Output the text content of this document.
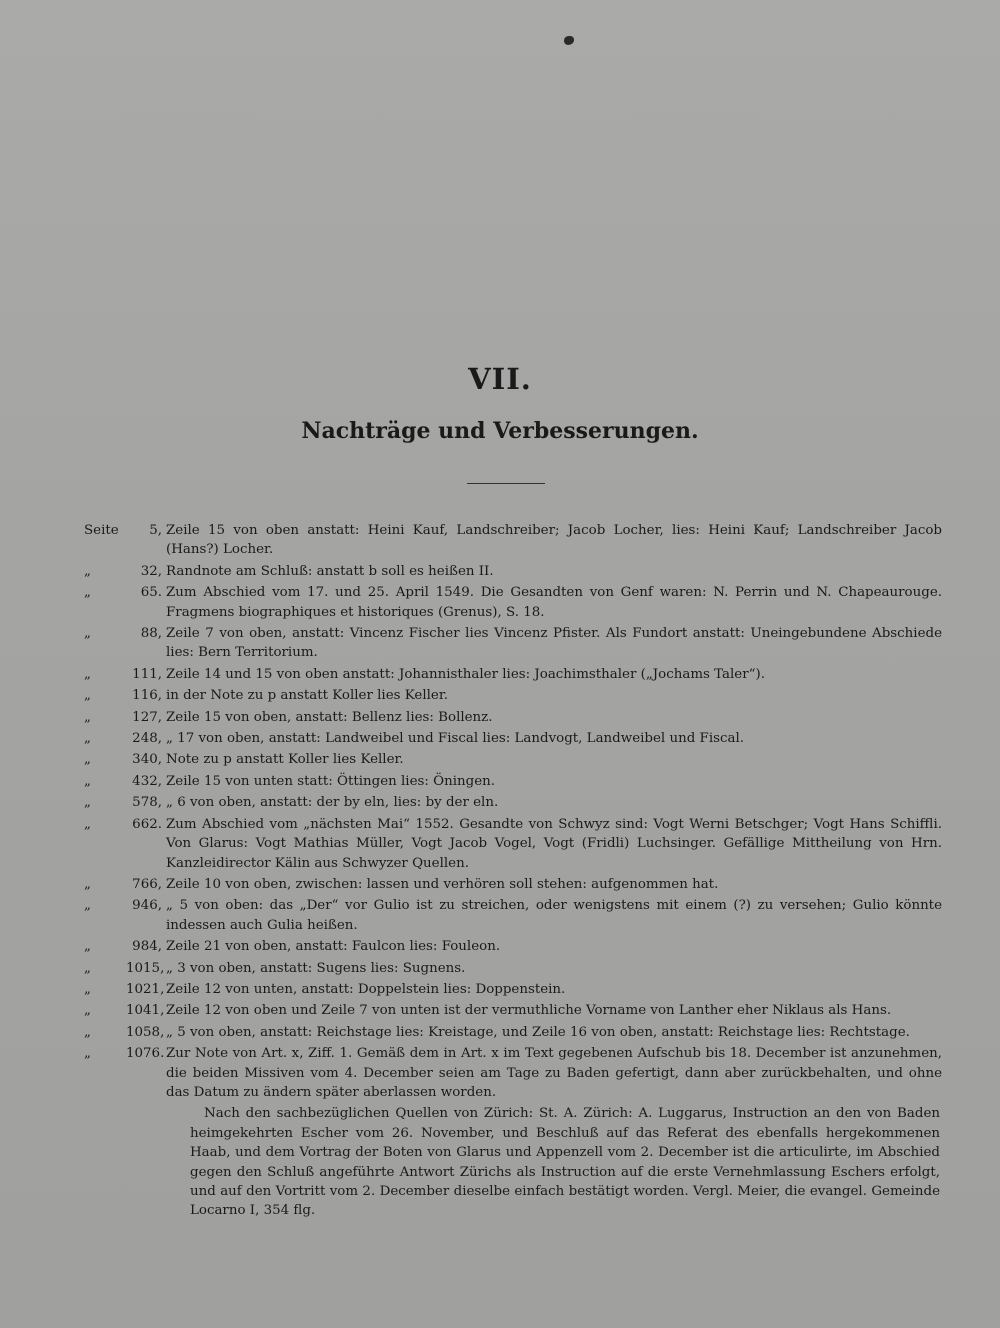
VII.
Nachträge und Verbesserungen.
Seite	5, Zeile 15 von oben anstatt: Heini Kauf, Landschreiber; Jacob Locher, lies: Heini Kauf; Landschreiber Jacob (Hans?) Locher.
„	32, Randnote am Schluß: anstatt b soll es heißen II.
„	65. Zum Abschied vom 17. und 25. April 1549. Die Gesandten von Genf waren: N. Perrin und N. Chapeaurouge. Fragmens biographiques et historiques (Grenus), S. 18.
„	88, Zeile 7 von oben, anstatt: Vincenz Fischer lies Vincenz Pfister. Als Fundort anstatt: Uneingebundene Abschiede lies: Bern Territorium.
„	111, Zeile 14 und 15 von oben anstatt: Johannisthaler lies: Joachimsthaler („Jochams Taler“).
„	116, in der Note zu p anstatt Koller lies Keller.
„	127, Zeile 15 von oben, anstatt: Bellenz lies: Bollenz.
„	248, „ 17 von oben, anstatt: Landweibel und Fiscal lies: Landvogt, Landweibel und Fiscal.
„	340, Note zu p anstatt Koller lies Keller.
„	432, Zeile 15 von unten statt: Öttingen lies: Öningen.
„	578, „ 6 von oben, anstatt: der by eln, lies: by der eln.
„	662. Zum Abschied vom „nächsten Mai“ 1552. Gesandte von Schwyz sind: Vogt Werni Betschger; Vogt Hans Schiffli. Von Glarus: Vogt Mathias Müller, Vogt Jacob Vogel, Vogt (Fridli) Luchsinger. Gefällige Mittheilung von Hrn. Kanzleidirector Kälin aus Schwyzer Quellen.
„	766, Zeile 10 von oben, zwischen: lassen und verhören soll stehen: aufgenommen hat.
„	946, „ 5 von oben: das „Der“ vor Gulio ist zu streichen, oder wenigstens mit einem (?) zu versehen; Gulio könnte indessen auch Gulia heißen.
„	984, Zeile 21 von oben, anstatt: Faulcon lies: Fouleon.
„	1015, „ 3 von oben, anstatt: Sugens lies: Sugnens.
„	1021, Zeile 12 von unten, anstatt: Doppelstein lies: Doppenstein.
„	1041, Zeile 12 von oben und Zeile 7 von unten ist der vermuthliche Vorname von Lanther eher Niklaus als Hans.
„	1058, „ 5 von oben, anstatt: Reichstage lies: Kreistage, und Zeile 16 von oben, anstatt: Reichstage lies: Rechtstage.
„	1076. Zur Note von Art. x, Ziff. 1. Gemäß dem in Art. x im Text gegebenen Aufschub bis 18. December ist anzunehmen, die beiden Missiven vom 4. December seien am Tage zu Baden gefertigt, dann aber zurückbehalten, und ohne das Datum zu ändern später aberlassen worden.
Nach den sachbezüglichen Quellen von Zürich: St. A. Zürich: A. Luggarus, Instruction an den von Baden heimgekehrten Escher vom 26. November, und Beschluß auf das Referat des ebenfalls hergekommenen Haab, und dem Vortrag der Boten von Glarus und Appenzell vom 2. December ist die articulirte, im Abschied gegen den Schluß angeführte Antwort Zürichs als Instruction auf die erste Vernehmlassung Eschers erfolgt, und auf den Vortritt vom 2. December dieselbe einfach bestätigt worden. Vergl. Meier, die evangel. Gemeinde Locarno I, 354 flg.
